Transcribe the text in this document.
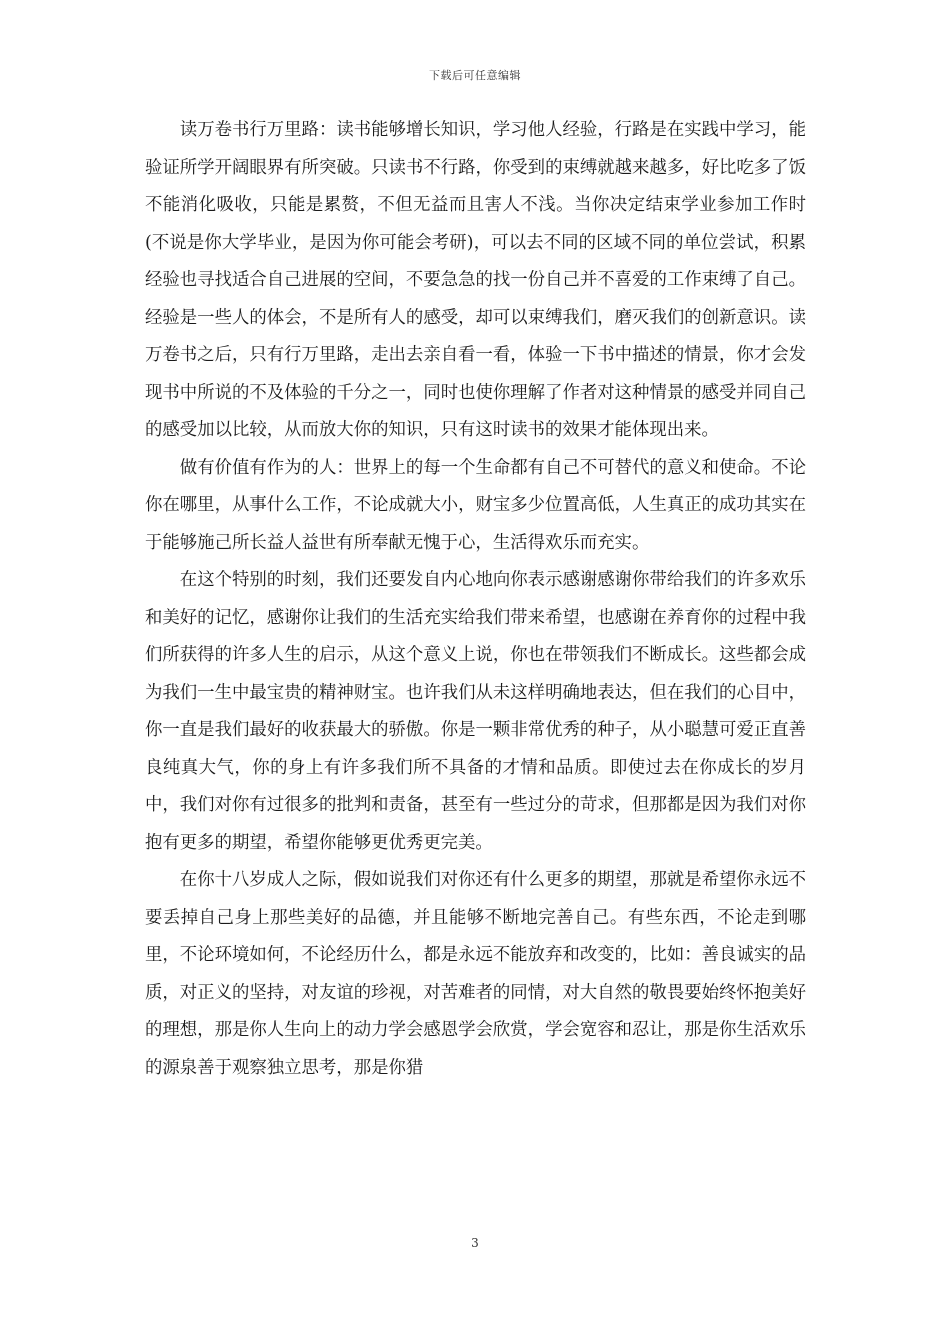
下载后可任意编辑

读万卷书行万里路：读书能够增长知识，学习他人经验，行路是在实践中学习，能验证所学开阔眼界有所突破。只读书不行路，你受到的束缚就越来越多，好比吃多了饭不能消化吸收，只能是累赘，不但无益而且害人不浅。当你决定结束学业参加工作时(不说是你大学毕业，是因为你可能会考研)，可以去不同的区域不同的单位尝试，积累经验也寻找适合自己进展的空间，不要急急的找一份自己并不喜爱的工作束缚了自己。经验是一些人的体会，不是所有人的感受，却可以束缚我们，磨灭我们的创新意识。读万卷书之后，只有行万里路，走出去亲自看一看，体验一下书中描述的情景，你才会发现书中所说的不及体验的千分之一，同时也使你理解了作者对这种情景的感受并同自己的感受加以比较，从而放大你的知识，只有这时读书的效果才能体现出来。

做有价值有作为的人：世界上的每一个生命都有自己不可替代的意义和使命。不论你在哪里，从事什么工作，不论成就大小，财宝多少位置高低，人生真正的成功其实在于能够施己所长益人益世有所奉献无愧于心，生活得欢乐而充实。

在这个特别的时刻，我们还要发自内心地向你表示感谢感谢你带给我们的许多欢乐和美好的记忆，感谢你让我们的生活充实给我们带来希望，也感谢在养育你的过程中我们所获得的许多人生的启示，从这个意义上说，你也在带领我们不断成长。这些都会成为我们一生中最宝贵的精神财宝。也许我们从未这样明确地表达，但在我们的心目中，你一直是我们最好的收获最大的骄傲。你是一颗非常优秀的种子，从小聪慧可爱正直善良纯真大气，你的身上有许多我们所不具备的才情和品质。即使过去在你成长的岁月中，我们对你有过很多的批判和责备，甚至有一些过分的苛求，但那都是因为我们对你抱有更多的期望，希望你能够更优秀更完美。

在你十八岁成人之际，假如说我们对你还有什么更多的期望，那就是希望你永远不要丢掉自己身上那些美好的品德，并且能够不断地完善自己。有些东西，不论走到哪里，不论环境如何，不论经历什么，都是永远不能放弃和改变的，比如：善良诚实的品质，对正义的坚持，对友谊的珍视，对苦难者的同情，对大自然的敬畏要始终怀抱美好的理想，那是你人生向上的动力学会感恩学会欣赏，学会宽容和忍让，那是你生活欢乐的源泉善于观察独立思考，那是你猎

3
